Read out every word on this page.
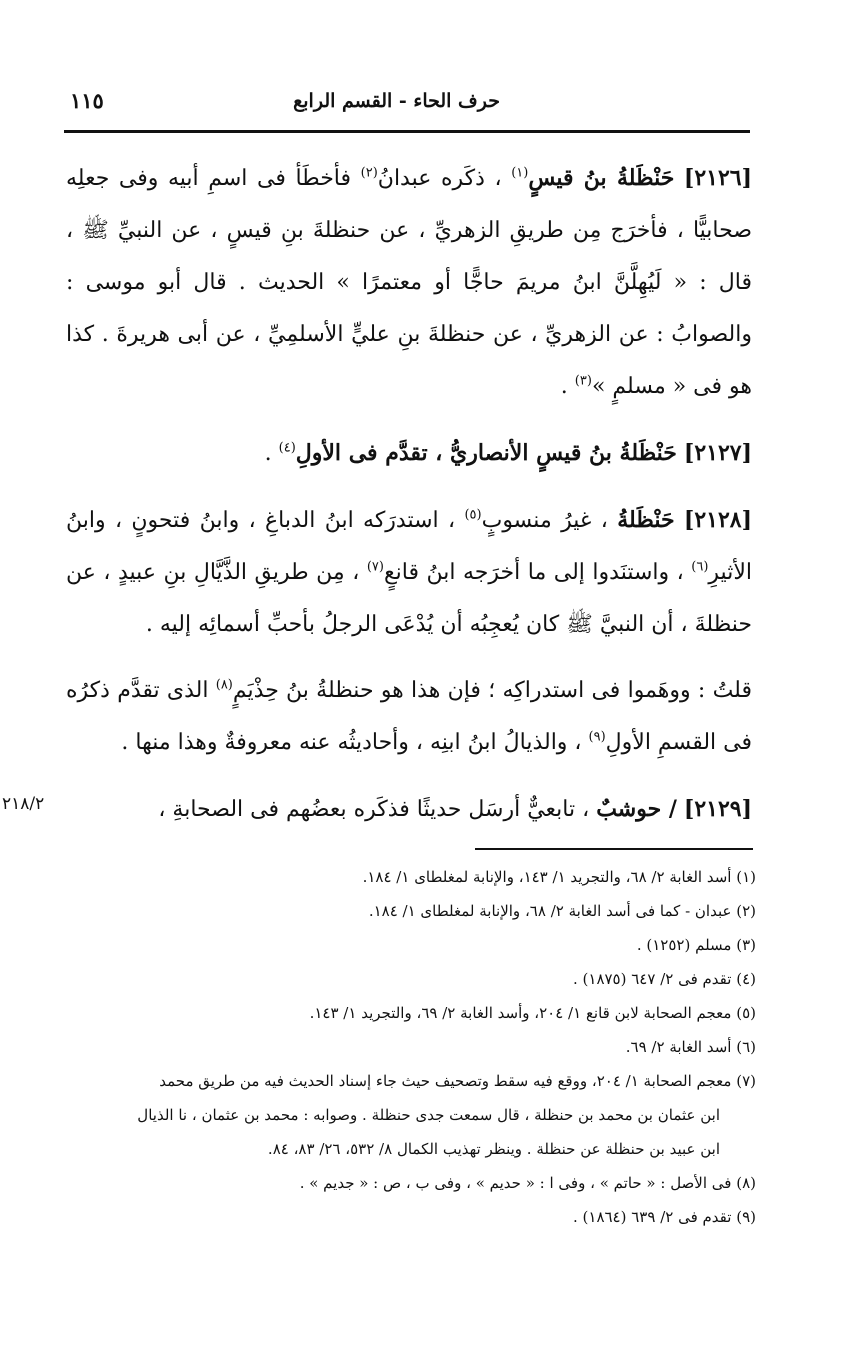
حرف الحاء - القسم الرابع
١١٥

[٢١٢٦] حَنْظَلةُ بنُ قيسٍ$^{(١)}$ ، ذكَره عبدانُ$^{(٢)}$ فأخطَأ فى اسمِ أبيه وفى جعلِه صحابيًّا ، فأخرَج مِن طريقِ الزهريِّ ، عن حنظلةَ بنِ قيسٍ ، عن النبيِّ ﷺ ، قال : « لَيُهِلَّنَّ ابنُ مريمَ حاجًّا أو معتمرًا » الحديث . قال أبو موسى : والصوابُ : عن الزهريِّ ، عن حنظلةَ بنِ عليٍّ الأسلمِيِّ ، عن أبى هريرةَ . كذا هو فى « مسلمٍ »$^{(٣)}$ .

[٢١٢٧] حَنْظَلةُ بنُ قيسٍ الأنصاريُّ ، تقدَّم فى الأولِ$^{(٤)}$ .

[٢١٢٨] حَنْظَلةُ ، غيرُ منسوبٍ$^{(٥)}$ ، استدرَكه ابنُ الدباغِ ، وابنُ فتحونٍ ، وابنُ الأثيرِ$^{(٦)}$ ، واستنَدوا إلى ما أخرَجه ابنُ قانعٍ$^{(٧)}$ ، مِن طريقِ الذَّيَّالِ بنِ عبيدٍ ، عن حنظلةَ ، أن النبيَّ ﷺ كان يُعجِبُه أن يُدْعَى الرجلُ بأحبِّ أسمائِه إليه .

قلتُ : ووهَموا فى استدراكِه ؛ فإن هذا هو حنظلةُ بنُ حِذْيَمٍ$^{(٨)}$ الذى تقدَّم ذكرُه فى القسمِ الأولِ$^{(٩)}$ ، والذيالُ ابنُ ابنِه ، وأحاديثُه عنه معروفةٌ وهذا منها .

[٢١٢٩] / حوشبٌ ، تابعيٌّ أرسَل حديثًا فذكَره بعضُهم فى الصحابةِ ،

٢١٨/٢

(١) أسد الغابة ٢/ ٦٨، والتجريد ١/ ١٤٣، والإنابة لمغلطاى ١/ ١٨٤.

(٢) عبدان - كما فى أسد الغابة ٢/ ٦٨، والإنابة لمغلطاى ١/ ١٨٤.

(٣) مسلم (١٢٥٢) .

(٤) تقدم فى ٢/ ٦٤٧ (١٨٧٥) .

(٥) معجم الصحابة لابن قانع ١/ ٢٠٤، وأسد الغابة ٢/ ٦٩، والتجريد ١/ ١٤٣.

(٦) أسد الغابة ٢/ ٦٩.

(٧) معجم الصحابة ١/ ٢٠٤، ووقع فيه سقط وتصحيف حيث جاء إسناد الحديث فيه من طريق محمد

ابن عثمان بن محمد بن حنظلة ، قال سمعت جدى حنظلة . وصوابه : محمد بن عثمان ، نا الذيال

ابن عبيد بن حنظلة عن حنظلة . وينظر تهذيب الكمال ٨/ ٥٣٢، ٢٦/ ٨٣، ٨٤.

(٨) فى الأصل : « حاتم » ، وفى ا : « حديم » ، وفى ب ، ص : « جديم » .

(٩) تقدم فى ٢/ ٦٣٩ (١٨٦٤) .
